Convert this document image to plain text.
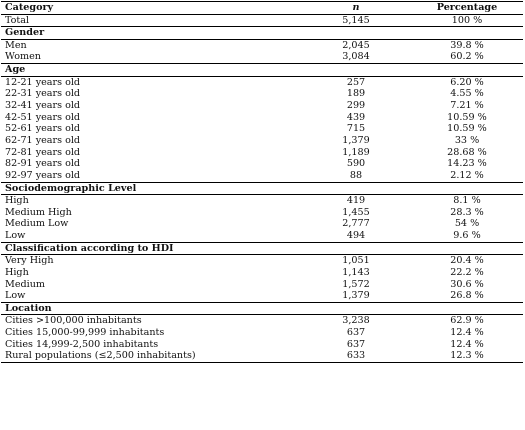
Category	n	Percentage
Total	5,145	100 %
Gender		
Men	2,045	39.8 %
Women	3,084	60.2 %
Age		
12-21 years old	257	6.20 %
22-31 years old	189	4.55 %
32-41 years old	299	7.21 %
42-51 years old	439	10.59 %
52-61 years old	715	10.59 %
62-71 years old	1,379	33 %
72-81 years old	1,189	28.68 %
82-91 years old	590	14.23 %
92-97 years old	88	2.12 %
Sociodemographic Level		
High	419	8.1 %
Medium High	1,455	28.3 %
Medium Low	2,777	54 %
Low	494	9.6 %
Classification according to HDI		
Very High	1,051	20.4 %
High	1,143	22.2 %
Medium	1,572	30.6 %
Low	1,379	26.8 %
Location		
Cities >100,000 inhabitants	3,238	62.9 %
Cities 15,000-99,999 inhabitants	637	12.4 %
Cities 14,999-2,500 inhabitants	637	12.4 %
Rural populations (≤2,500 inhabitants)	633	12.3 %
